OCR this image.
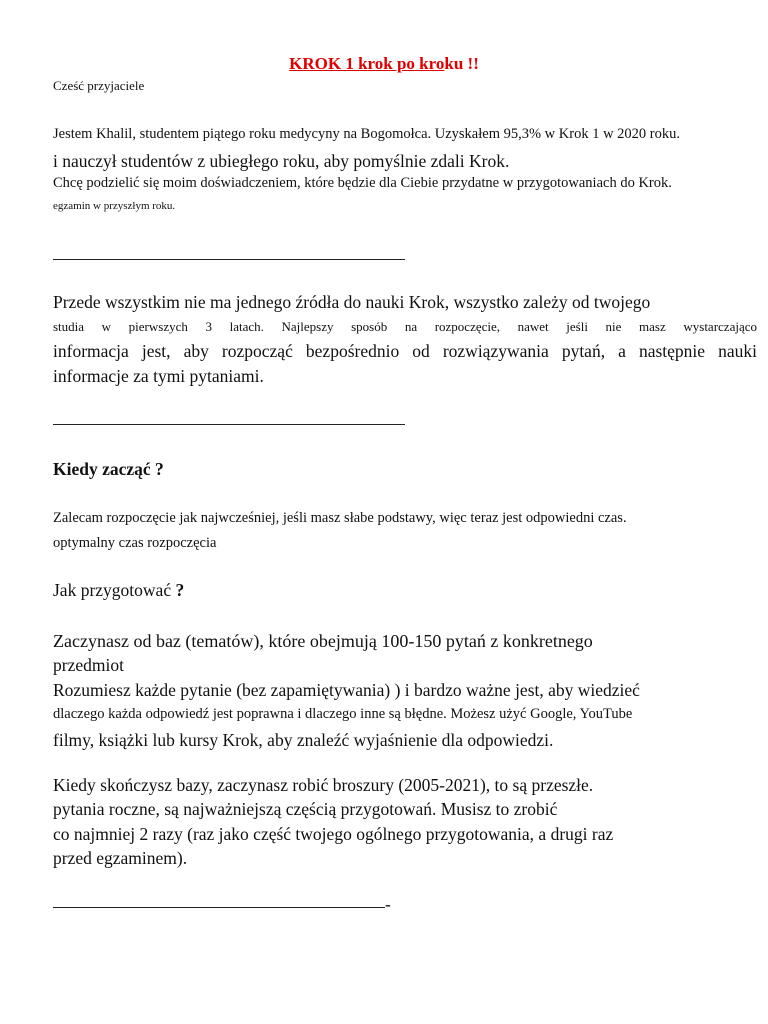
KROK 1 krok po kroku !!
Cześć przyjaciele
Jestem Khalil, studentem piątego roku medycyny na Bogomołca. Uzyskałem 95,3% w Krok 1 w 2020 roku.
i nauczył studentów z ubiegłego roku, aby pomyślnie zdali Krok.
Chcę podzielić się moim doświadczeniem, które będzie dla Ciebie przydatne w przygotowaniach do Krok.
egzamin w przyszłym roku.
Przede wszystkim nie ma jednego źródła do nauki Krok, wszystko zależy od twojego
studia w pierwszych 3 latach. Najlepszy sposób na rozpoczęcie, nawet jeśli nie masz wystarczająco
informacja jest, aby rozpocząć bezpośrednio od rozwiązywania pytań, a następnie nauki
informacje za tymi pytaniami.
Kiedy zacząć ?
Zalecam rozpoczęcie jak najwcześniej, jeśli masz słabe podstawy, więc teraz jest odpowiedni czas.
optymalny czas rozpoczęcia
Jak przygotować ?
Zaczynasz od baz (tematów), które obejmują 100-150 pytań z konkretnego
przedmiot
Rozumiesz każde pytanie (bez zapamiętywania) ) i bardzo ważne jest, aby wiedzieć
dlaczego każda odpowiedź jest poprawna i dlaczego inne są błędne. Możesz użyć Google, YouTube
filmy, książki lub kursy Krok, aby znaleźć wyjaśnienie dla odpowiedzi.
Kiedy skończysz bazy, zaczynasz robić broszury (2005-2021), to są przeszłe.
pytania roczne, są najważniejszą częścią przygotowań. Musisz to zrobić
co najmniej 2 razy (raz jako część twojego ogólnego przygotowania, a drugi raz
przed egzaminem).
-
